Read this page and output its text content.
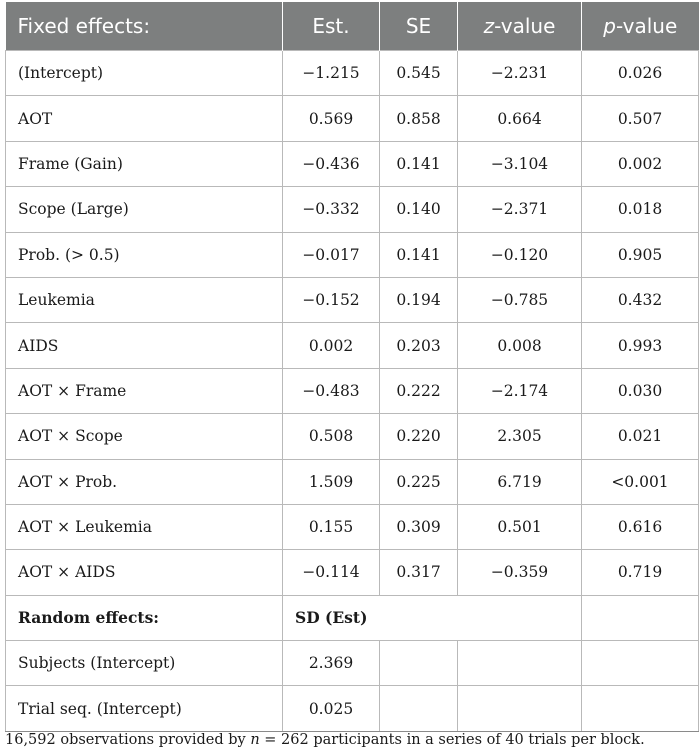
Fixed effects:	Est.	SE	z-value	p-value
(Intercept)	−1.215	0.545	−2.231	0.026
AOT	0.569	0.858	0.664	0.507
Frame (Gain)	−0.436	0.141	−3.104	0.002
Scope (Large)	−0.332	0.140	−2.371	0.018
Prob. (> 0.5)	−0.017	0.141	−0.120	0.905
Leukemia	−0.152	0.194	−0.785	0.432
AIDS	0.002	0.203	0.008	0.993
AOT × Frame	−0.483	0.222	−2.174	0.030
AOT × Scope	0.508	0.220	2.305	0.021
AOT × Prob.	1.509	0.225	6.719	<0.001
AOT × Leukemia	0.155	0.309	0.501	0.616
AOT × AIDS	−0.114	0.317	−0.359	0.719
Random effects:	SD (Est)			
Subjects (Intercept)	2.369			
Trial seq. (Intercept)	0.025			
16,592 observations provided by n = 262 participants in a series of 40 trials per block.
